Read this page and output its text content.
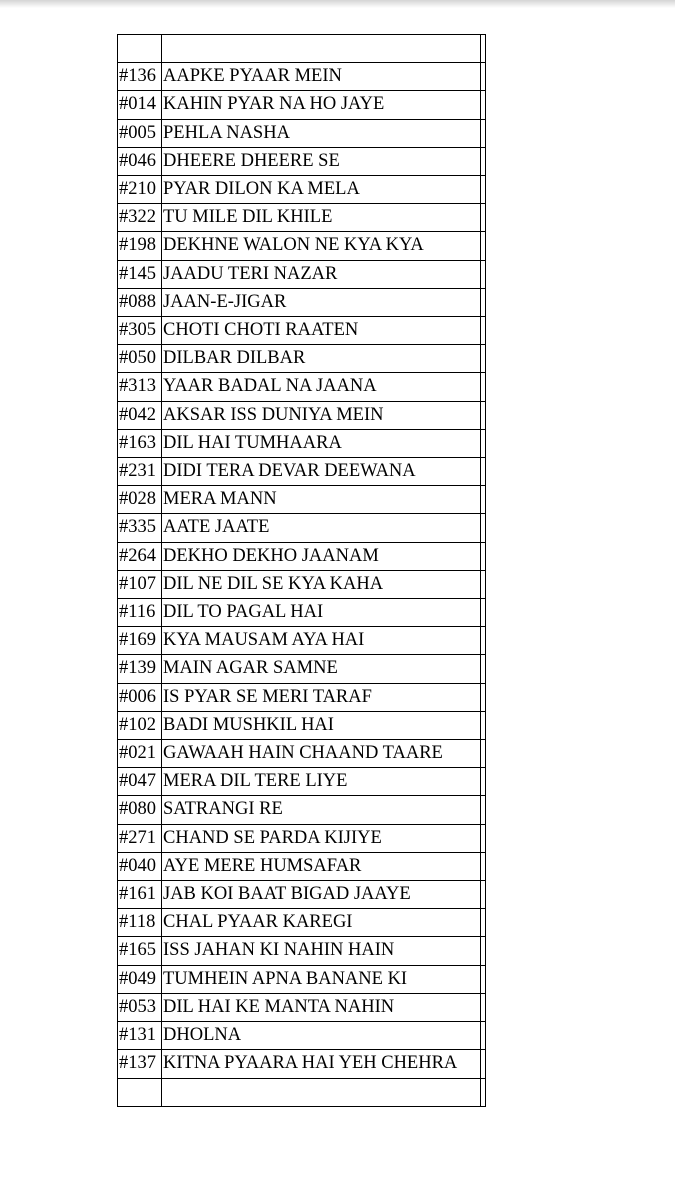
#136	AAPKE PYAAR MEIN	
#014	KAHIN PYAR NA HO JAYE	
#005	PEHLA NASHA	
#046	DHEERE DHEERE SE	
#210	PYAR DILON KA MELA	
#322	TU MILE DIL KHILE	
#198	DEKHNE WALON NE KYA KYA	
#145	JAADU TERI NAZAR	
#088	JAAN-E-JIGAR	
#305	CHOTI CHOTI RAATEN	
#050	DILBAR DILBAR	
#313	YAAR BADAL NA JAANA	
#042	AKSAR ISS DUNIYA MEIN	
#163	DIL HAI TUMHAARA	
#231	DIDI TERA DEVAR DEEWANA	
#028	MERA MANN	
#335	AATE JAATE	
#264	DEKHO DEKHO JAANAM	
#107	DIL NE DIL SE KYA KAHA	
#116	DIL TO PAGAL HAI	
#169	KYA MAUSAM AYA HAI	
#139	MAIN AGAR SAMNE	
#006	IS PYAR SE MERI TARAF	
#102	BADI MUSHKIL HAI	
#021	GAWAAH HAIN CHAAND TAARE	
#047	MERA DIL TERE LIYE	
#080	SATRANGI RE	
#271	CHAND SE PARDA KIJIYE	
#040	AYE MERE HUMSAFAR	
#161	JAB KOI BAAT BIGAD JAAYE	
#118	CHAL PYAAR KAREGI	
#165	ISS JAHAN KI NAHIN HAIN	
#049	TUMHEIN APNA BANANE KI	
#053	DIL HAI KE MANTA NAHIN	
#131	DHOLNA	
#137	KITNA PYAARA HAI YEH CHEHRA	
